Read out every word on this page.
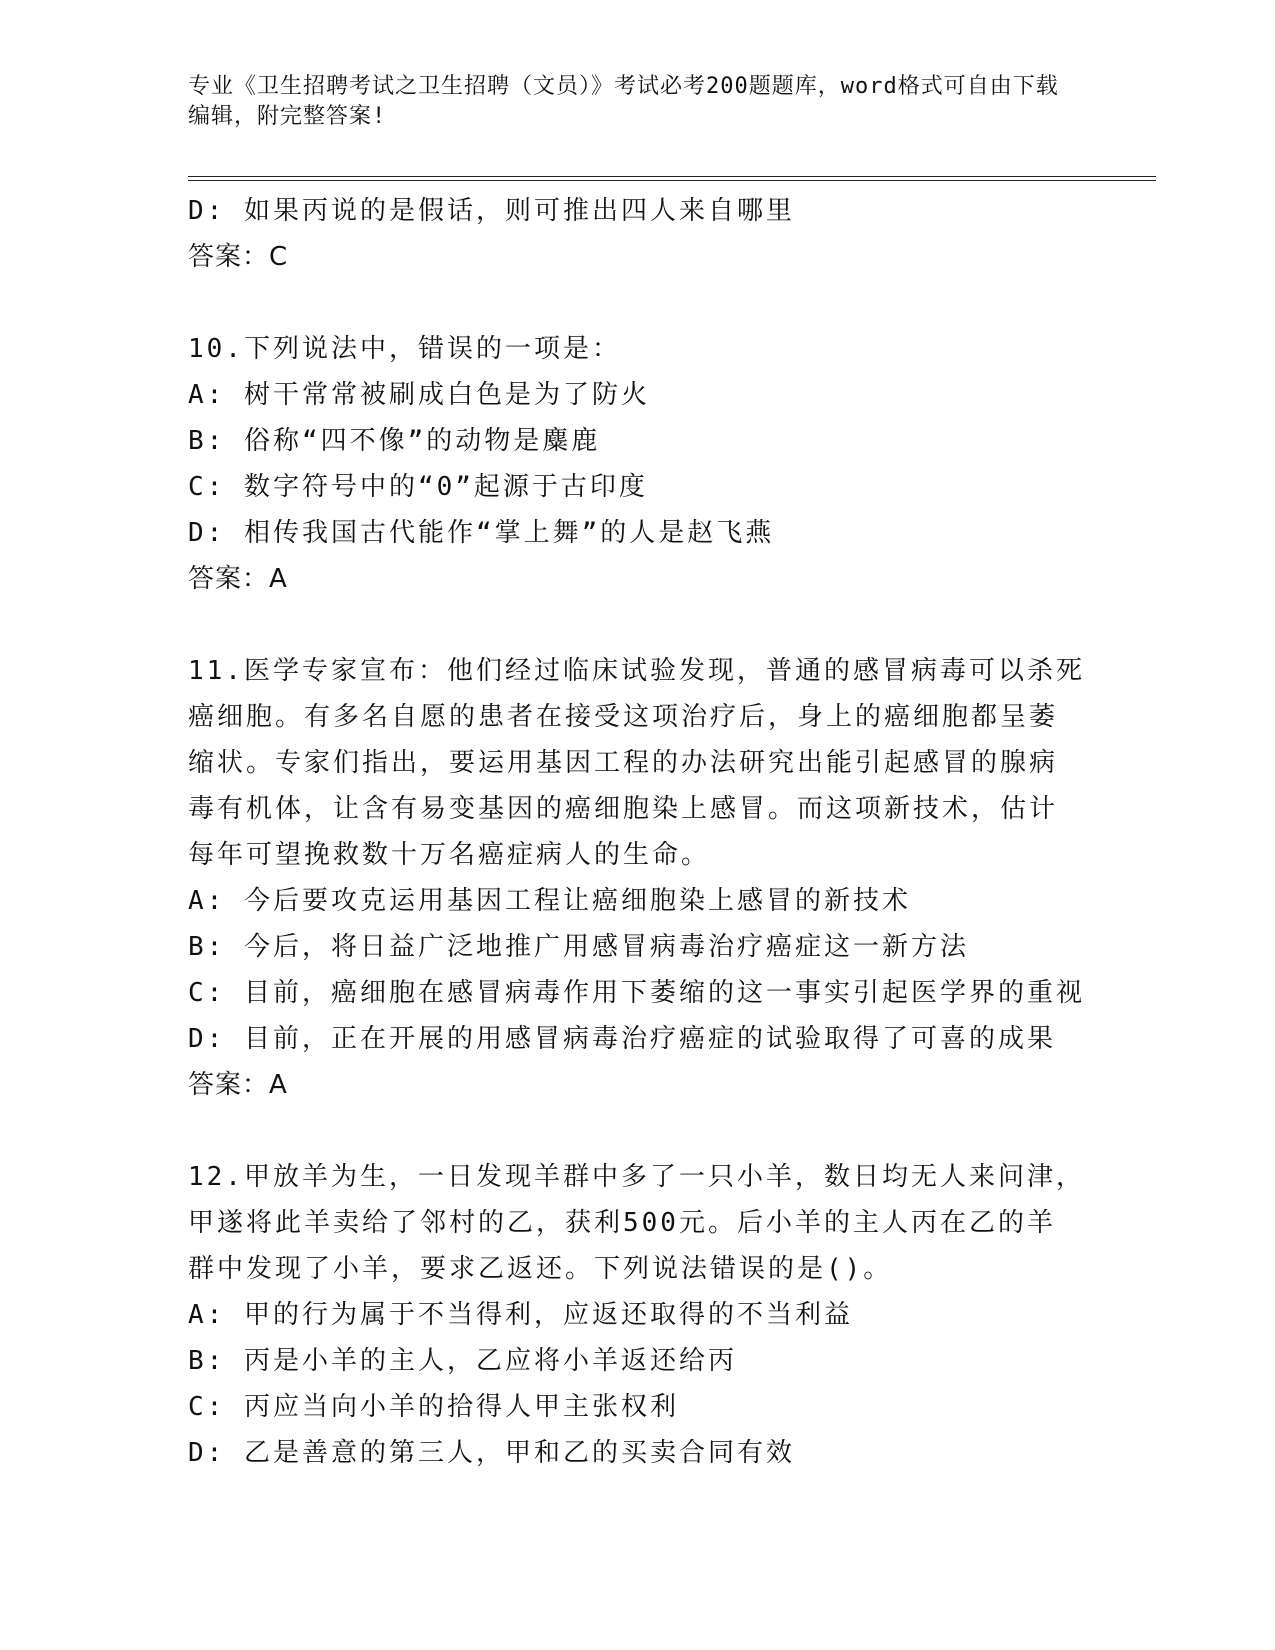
专业《卫生招聘考试之卫生招聘（文员）》考试必考200题题库，word格式可自由下载编辑，附完整答案!
D: 如果丙说的是假话，则可推出四人来自哪里
答案：C
10.下列说法中，错误的一项是：
A: 树干常常被刷成白色是为了防火
B: 俗称“四不像”的动物是麋鹿
C: 数字符号中的“0”起源于古印度
D: 相传我国古代能作“掌上舞”的人是赵飞燕
答案：A
11.医学专家宣布：他们经过临床试验发现，普通的感冒病毒可以杀死
癌细胞。有多名自愿的患者在接受这项治疗后，身上的癌细胞都呈萎
缩状。专家们指出，要运用基因工程的办法研究出能引起感冒的腺病
毒有机体，让含有易变基因的癌细胞染上感冒。而这项新技术，估计
每年可望挽救数十万名癌症病人的生命。
A: 今后要攻克运用基因工程让癌细胞染上感冒的新技术
B: 今后，将日益广泛地推广用感冒病毒治疗癌症这一新方法
C: 目前，癌细胞在感冒病毒作用下萎缩的这一事实引起医学界的重视
D: 目前，正在开展的用感冒病毒治疗癌症的试验取得了可喜的成果
答案：A
12.甲放羊为生，一日发现羊群中多了一只小羊，数日均无人来问津，
甲遂将此羊卖给了邻村的乙，获利500元。后小羊的主人丙在乙的羊
群中发现了小羊，要求乙返还。下列说法错误的是()。
A: 甲的行为属于不当得利，应返还取得的不当利益
B: 丙是小羊的主人，乙应将小羊返还给丙
C: 丙应当向小羊的拾得人甲主张权利
D: 乙是善意的第三人，甲和乙的买卖合同有效
